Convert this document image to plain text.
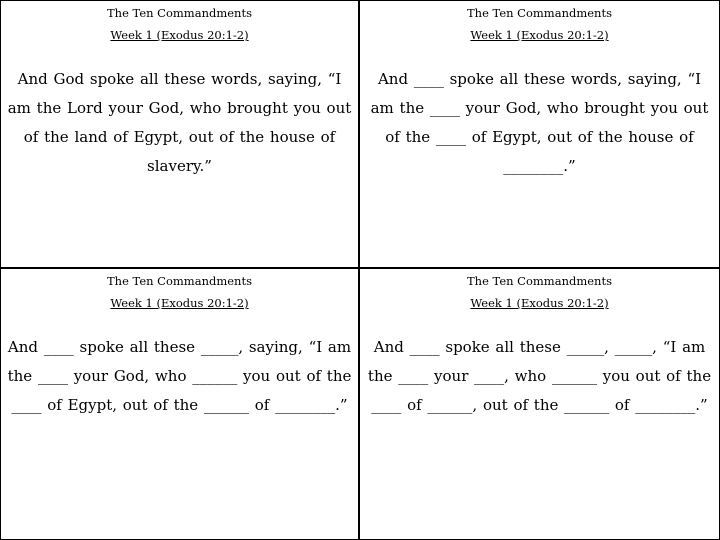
The Ten Commandments
Week 1 (Exodus 20:1-2)
And God spoke all these words, saying, “I am the Lord your God, who brought you out of the land of Egypt, out of the house of slavery.”
The Ten Commandments
Week 1 (Exodus 20:1-2)
And ____ spoke all these words, saying, “I am the ____ your God, who brought you out of the ____ of Egypt, out of the house of ________.”
The Ten Commandments
Week 1 (Exodus 20:1-2)
And ____ spoke all these _____, saying, “I am the ____ your God, who ______ you out of the ____ of Egypt, out of the ______ of ________.”
The Ten Commandments
Week 1 (Exodus 20:1-2)
And ____ spoke all these _____, _____, “I am the ____ your ____, who ______ you out of the ____ of ______, out of the ______ of ________.”
